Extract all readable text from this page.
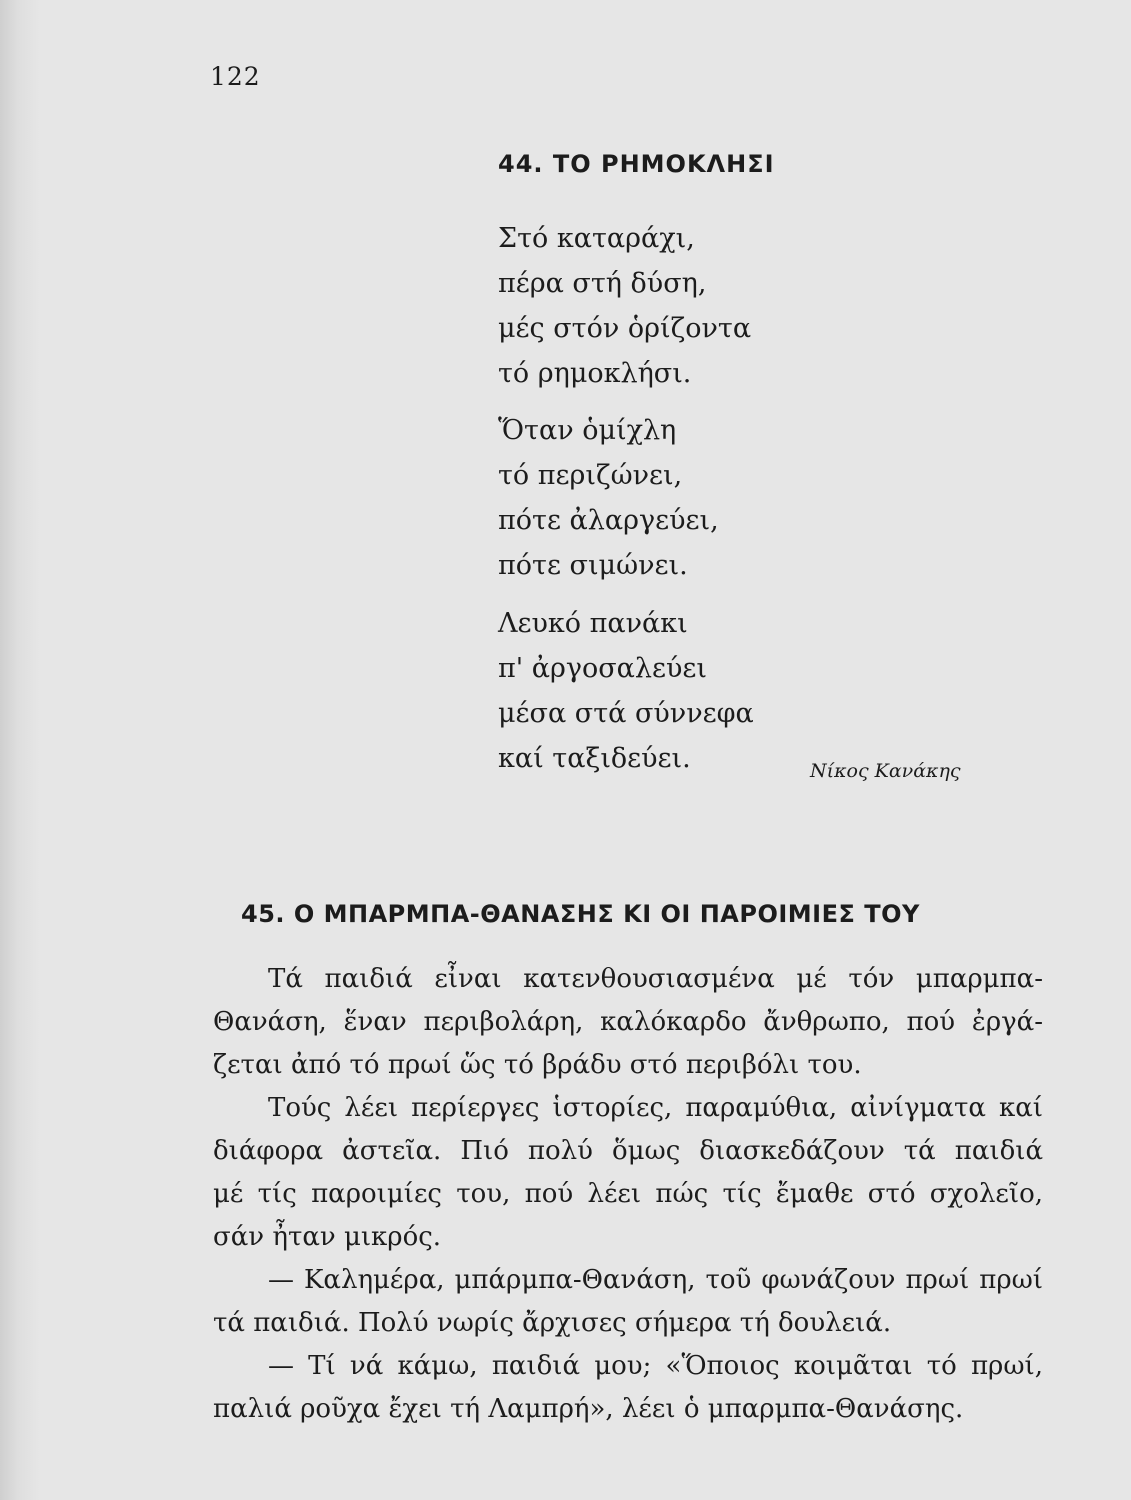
122
44. ΤΟ ΡΗΜΟΚΛΗΣΙ
Στό καταράχι,
πέρα στή δύση,
μές στόν ὁρίζοντα
τό ρημοκλήσι.
Ὅταν ὁμίχλη
τό περιζώνει,
πότε ἀλαργεύει,
πότε σιμώνει.
Λευκό πανάκι
π' ἀργοσαλεύει
μέσα στά σύννεφα
καί ταξιδεύει.	Νίκος Κανάκης
45. Ο ΜΠΑΡΜΠΑ-ΘΑΝΑΣΗΣ ΚΙ ΟΙ ΠΑΡΟΙΜΙΕΣ ΤΟΥ
Τά παιδιά εἶναι κατενθουσιασμένα μέ τόν μπαρμπα-
Θανάση, ἕναν περιβολάρη, καλόκαρδο ἄνθρωπο, πού ἐργά-
ζεται ἀπό τό πρωί ὥς τό βράδυ στό περιβόλι του.
Τούς λέει περίεργες ἱστορίες, παραμύθια, αἰνίγματα καί
διάφορα ἀστεῖα. Πιό πολύ ὅμως διασκεδάζουν τά παιδιά
μέ τίς παροιμίες του, πού λέει πώς τίς ἔμαθε στό σχολεῖο,
σάν ἦταν μικρός.
— Καλημέρα, μπάρμπα-Θανάση, τοῦ φωνάζουν πρωί πρωί
τά παιδιά. Πολύ νωρίς ἄρχισες σήμερα τή δουλειά.
— Τί νά κάμω, παιδιά μου; «Ὅποιος κοιμᾶται τό πρωί,
παλιά ροῦχα ἔχει τή Λαμπρή», λέει ὁ μπαρμπα-Θανάσης.
